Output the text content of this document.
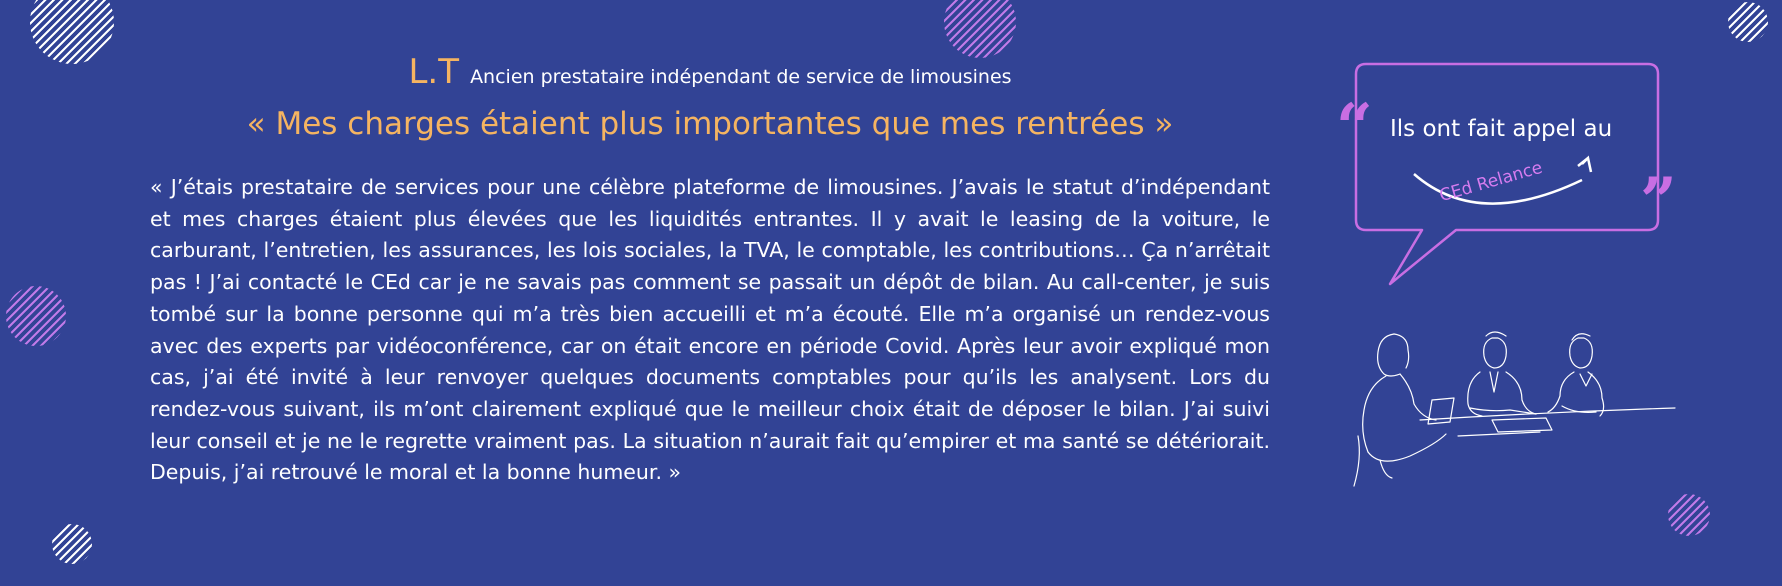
L.T Ancien prestataire indépendant de service de limousines
« Mes charges étaient plus importantes que mes rentrées »
« J’étais prestataire de services pour une célèbre plateforme de limousines. J’avais le statut d’indépendant et mes charges étaient plus élevées que les liquidités entrantes. Il y avait le leasing de la voiture, le carburant, l’entretien, les assurances, les lois sociales, la TVA, le comptable, les contributions… Ça n’arrêtait pas ! J’ai contacté le CEd car je ne savais pas comment se passait un dépôt de bilan. Au call-center, je suis tombé sur la bonne personne qui m’a très bien accueilli et m’a écouté. Elle m’a organisé un rendez-vous avec des experts par vidéoconférence, car on était encore en période Covid. Après leur avoir expliqué mon cas, j’ai été invité à leur renvoyer quelques documents comptables pour qu’ils les analysent. Lors du rendez-vous suivant, ils m’ont clairement expliqué que le meilleur choix était de déposer le bilan. J’ai suivi leur conseil et je ne le regrette vraiment pas. La situation n’aurait fait qu’empirer et ma santé se détériorait. Depuis, j’ai retrouvé le moral et la bonne humeur. »
“ Ils ont fait appel au
CEd Relance ”
